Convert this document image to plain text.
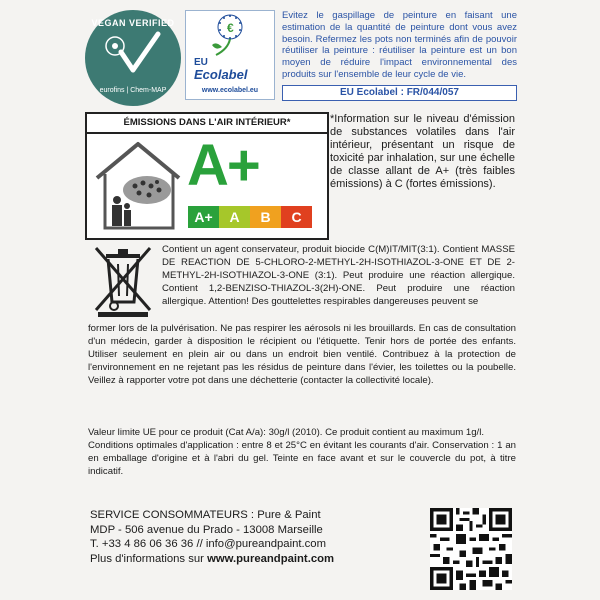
VEGAN VERIFIED
eurofins | Chem-MAP
€
EU
Ecolabel
www.ecolabel.eu
Evitez le gaspillage de peinture en faisant une estimation de la quantité de peinture dont vous avez besoin. Refermez les pots non terminés afin de pouvoir réutiliser la peinture : réutiliser la peinture est un bon moyen de réduire l'impact environnemental des produits sur l'ensemble de leur cycle de vie.
EU Ecolabel : FR/044/057
ÉMISSIONS DANS L'AIR INTÉRIEUR*
A+
A+	A	B	C
*Information sur le niveau d'émission de substances volatiles dans l'air intérieur, présentant un risque de toxicité par inhalation, sur une échelle de classe allant de A+ (très faibles émissions) à C (fortes émissions).
Contient un agent conservateur, produit biocide C(M)IT/MIT(3:1). Contient MASSE DE REACTION DE 5-CHLORO-2-METHYL-2H-ISOTHIAZOL-3-ONE ET DE 2-METHYL-2H-ISOTHIAZOL-3-ONE (3:1). Peut produire une réaction allergique. Contient 1,2-BENZISO-THIAZOL-3(2H)-ONE. Peut produire une réaction allergique. Attention! Des gouttelettes respirables dangereuses peuvent se
former lors de la pulvérisation. Ne pas respirer les aérosols ni les brouillards. En cas de consultation d'un médecin, garder à disposition le récipient ou l'étiquette. Tenir hors de portée des enfants. Utiliser seulement en plein air ou dans un endroit bien ventilé. Contribuez à la protection de l'environnement en ne rejetant pas les résidus de peinture dans l'évier, les toilettes ou la poubelle. Veillez à rapporter votre pot dans une déchetterie (contacter la collectivité locale).
Valeur limite UE pour ce produit (Cat A/a): 30g/l (2010). Ce produit contient au maximum 1g/l.
Conditions optimales d'application : entre 8 et 25°C en évitant les courants d'air. Conservation : 1 an en emballage d'origine et à l'abri du gel. Teinte en face avant et sur le couvercle du pot, à titre indicatif.
SERVICE CONSOMMATEURS : Pure & Paint
MDP - 506 avenue du Prado - 13008 Marseille
T. +33 4 86 06 36 36 // info@pureandpaint.com
Plus d'informations sur www.pureandpaint.com
